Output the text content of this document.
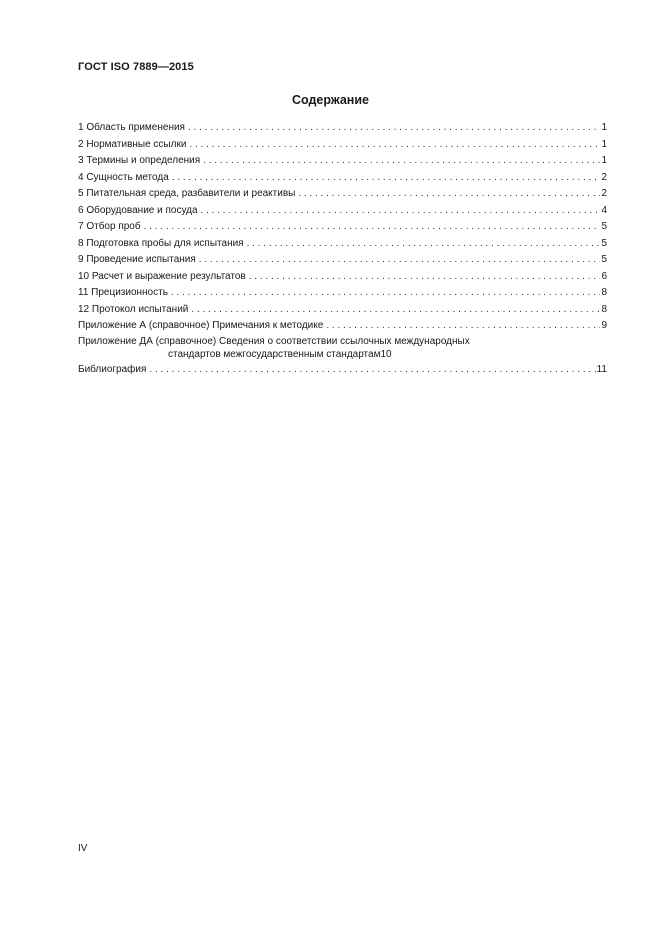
ГОСТ ISO 7889—2015
Содержание
1 Область применения . . .	1
2 Нормативные ссылки . . .	1
3 Термины и определения . . .	1
4 Сущность метода . . .	2
5 Питательная среда, разбавители и реактивы . . .	2
6 Оборудование и посуда . . .	4
7 Отбор проб . . .	5
8 Подготовка пробы для испытания . . .	5
9 Проведение испытания . . .	5
10 Расчет и выражение результатов . . .	6
11 Прецизионность . . .	8
12 Протокол испытаний . . .	8
Приложение А (справочное) Примечания к методике . . .	9
Приложение ДА (справочное) Сведения о соответствии ссылочных международных
стандартов межгосударственным стандартам 10
Библиография . . .	11
IV
